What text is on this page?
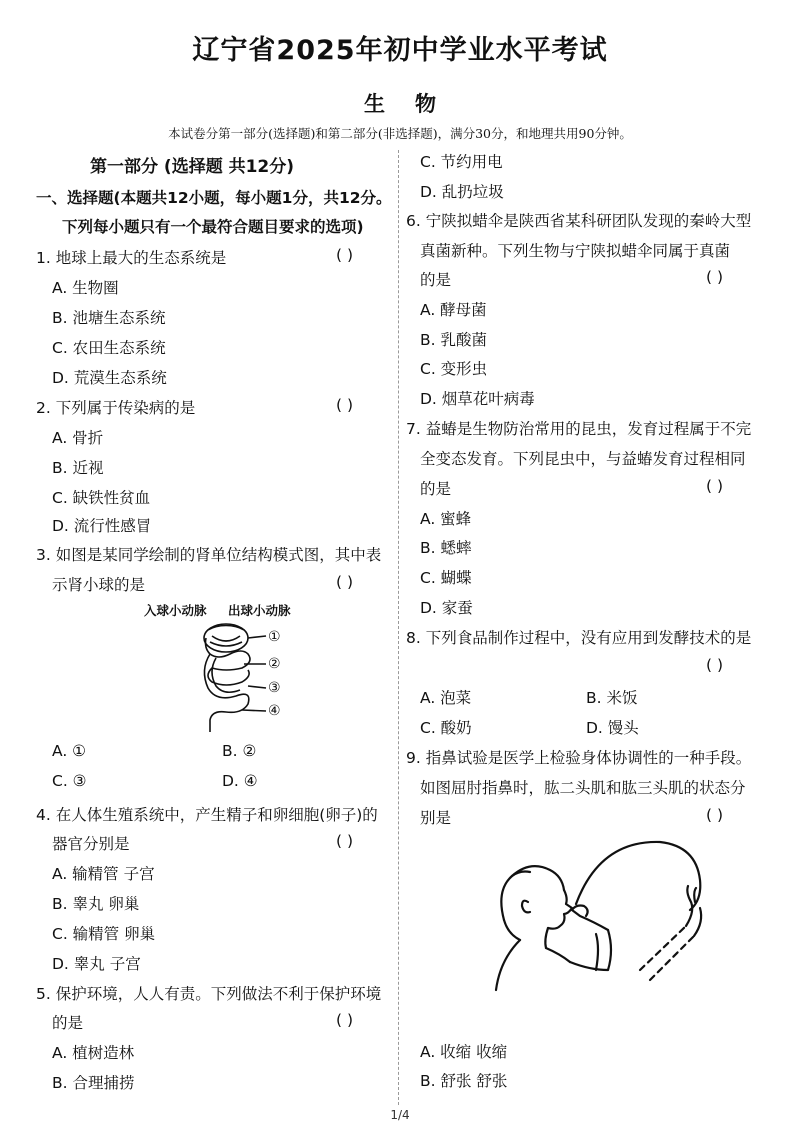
辽宁省2025年初中学业水平考试
生物
本试卷分第一部分(选择题)和第二部分(非选择题)，满分30分，和地理共用90分钟。
第一部分 (选择题 共12分)
一、选择题(本题共12小题，每小题1分，共12分。
下列每小题只有一个最符合题目要求的选项)
1. 地球上最大的生态系统是	( )
A. 生物圈
B. 池塘生态系统
C. 农田生态系统
D. 荒漠生态系统
2. 下列属于传染病的是	( )
A. 骨折
B. 近视
C. 缺铁性贫血
D. 流行性感冒
3. 如图是某同学绘制的肾单位结构模式图，其中表
示肾小球的是	( )
入球小动脉 出球小动脉
①
②
③
④
A. ①	B. ②
C. ③	D. ④
4. 在人体生殖系统中，产生精子和卵细胞(卵子)的
器官分别是	( )
A. 输精管 子宫
B. 睾丸 卵巢
C. 输精管 卵巢
D. 睾丸 子宫
5. 保护环境，人人有责。下列做法不利于保护环境
的是	( )
A. 植树造林
B. 合理捕捞
C. 节约用电
D. 乱扔垃圾
6. 宁陕拟蜡伞是陕西省某科研团队发现的秦岭大型
真菌新种。下列生物与宁陕拟蜡伞同属于真菌
的是	( )
A. 酵母菌
B. 乳酸菌
C. 变形虫
D. 烟草花叶病毒
7. 益蝽是生物防治常用的昆虫，发育过程属于不完
全变态发育。下列昆虫中，与益蝽发育过程相同
的是	( )
A. 蜜蜂
B. 蟋蟀
C. 蝴蝶
D. 家蚕
8. 下列食品制作过程中，没有应用到发酵技术的是
( )
A. 泡菜	B. 米饭
C. 酸奶	D. 馒头
9. 指鼻试验是医学上检验身体协调性的一种手段。
如图屈肘指鼻时，肱二头肌和肱三头肌的状态分
别是	( )
A. 收缩 收缩
B. 舒张 舒张
1/4
